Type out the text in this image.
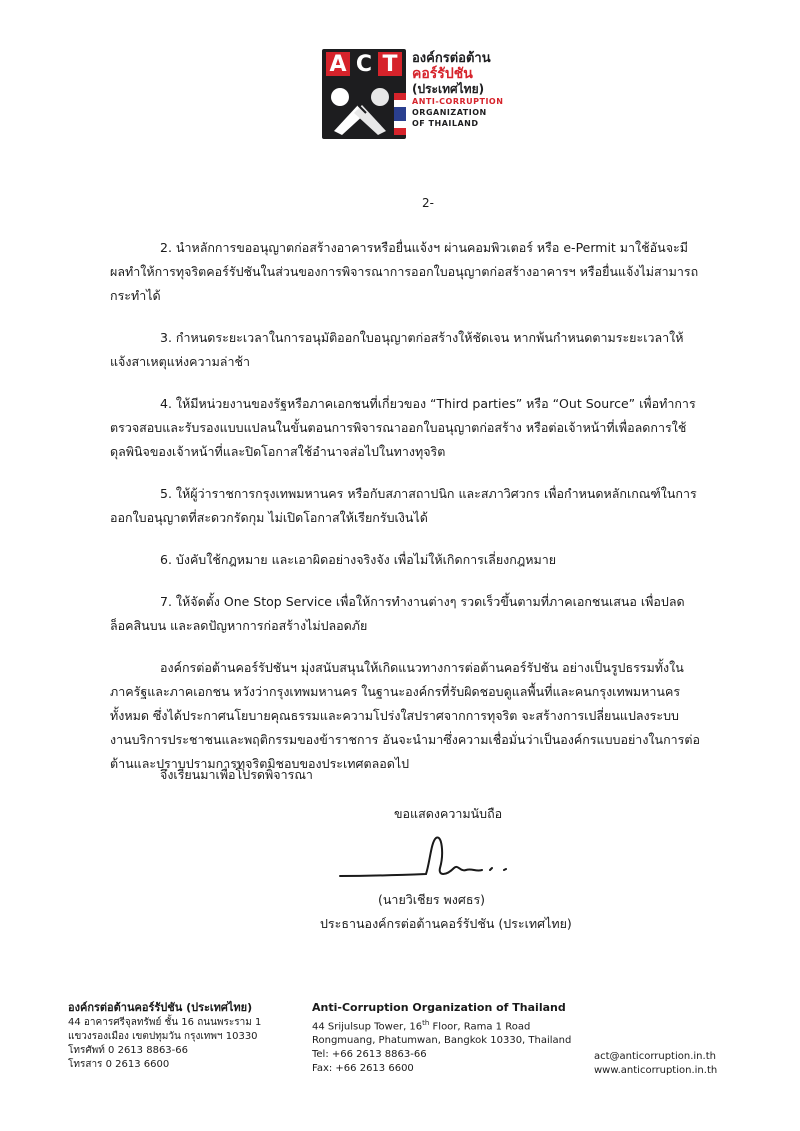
A C T	องค์กรต่อต้าน
คอร์รัปชัน
(ประเทศไทย)
ANTI-CORRUPTION
ORGANIZATION
OF THAILAND
2-

2. นำหลักการขออนุญาตก่อสร้างอาคารหรือยื่นแจ้งฯ ผ่านคอมพิวเตอร์ หรือ e-Permit มาใช้อันจะมีผลทำให้การทุจริตคอร์รัปชันในส่วนของการพิจารณาการออกใบอนุญาตก่อสร้างอาคารฯ หรือยื่นแจ้งไม่สามารถกระทำได้

3. กำหนดระยะเวลาในการอนุมัติออกใบอนุญาตก่อสร้างให้ชัดเจน หากพ้นกำหนดตามระยะเวลาให้แจ้งสาเหตุแห่งความล่าช้า

4. ให้มีหน่วยงานของรัฐหรือภาคเอกชนที่เกี่ยวของ “Third parties” หรือ “Out Source” เพื่อทำการตรวจสอบและรับรองแบบแปลนในขั้นตอนการพิจารณาออกใบอนุญาตก่อสร้าง หรือต่อเจ้าหน้าที่เพื่อลดการใช้ดุลพินิจของเจ้าหน้าที่และปิดโอกาสใช้อำนาจส่อไปในทางทุจริต

5. ให้ผู้ว่าราชการกรุงเทพมหานคร หรือกับสภาสถาปนิก และสภาวิศวกร เพื่อกำหนดหลักเกณฑ์ในการออกใบอนุญาตที่สะดวกรัดกุม ไม่เปิดโอกาสให้เรียกรับเงินได้

6. บังคับใช้กฎหมาย และเอาผิดอย่างจริงจัง เพื่อไม่ให้เกิดการเลี่ยงกฎหมาย

7. ให้จัดตั้ง One Stop Service เพื่อให้การทำงานต่างๆ รวดเร็วขึ้นตามที่ภาคเอกชนเสนอ เพื่อปลดล็อคสินบน และลดปัญหาการก่อสร้างไม่ปลอดภัย

องค์กรต่อต้านคอร์รัปชันฯ มุ่งสนับสนุนให้เกิดแนวทางการต่อต้านคอร์รัปชัน อย่างเป็นรูปธรรมทั้งในภาครัฐและภาคเอกชน หวังว่ากรุงเทพมหานคร ในฐานะองค์กรที่รับผิดชอบดูแลพื้นที่และคนกรุงเทพมหานครทั้งหมด ซึ่งได้ประกาศนโยบายคุณธรรมและความโปร่งใสปราศจากการทุจริต จะสร้างการเปลี่ยนแปลงระบบงานบริการประชาชนและพฤติกรรมของข้าราชการ อันจะนำมาซึ่งความเชื่อมั่นว่าเป็นองค์กรแบบอย่างในการต่อต้านและปราบปรามการทุจริตมิชอบของประเทศตลอดไป

จึงเรียนมาเพื่อโปรดพิจารณา
ขอแสดงความนับถือ
(นายวิเชียร พงศธร)
ประธานองค์กรต่อต้านคอร์รัปชัน (ประเทศไทย)
องค์กรต่อต้านคอร์รัปชัน (ประเทศไทย)
44 อาคารศรีจุลทรัพย์ ชั้น 16 ถนนพระราม 1
แขวงรองเมือง เขตปทุมวัน กรุงเทพฯ 10330
โทรศัพท์ 0 2613 8863-66
โทรสาร 0 2613 6600
Anti-Corruption Organization of Thailand
44 Srijulsup Tower, 16th Floor, Rama 1 Road
Rongmuang, Phatumwan, Bangkok 10330, Thailand
Tel: +66 2613 8863-66
Fax: +66 2613 6600
act@anticorruption.in.th
www.anticorruption.in.th
